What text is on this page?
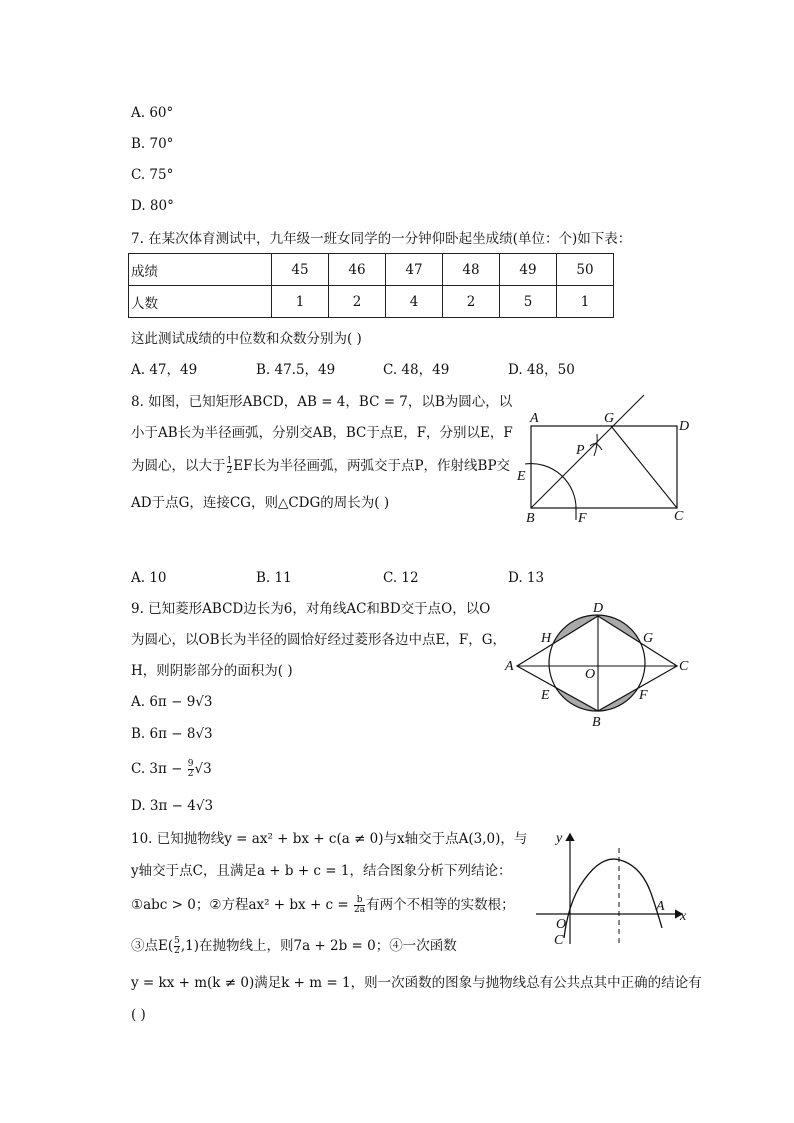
A. 60°
B. 70°
C. 75°
D. 80°
7. 在某次体育测试中，九年级一班女同学的一分钟仰卧起坐成绩(单位：个)如下表：
成绩	45	46	47	48	49	50
人数	1	2	4	2	5	1
这此测试成绩的中位数和众数分别为( )
A. 47，49	B. 47.5，49	C. 48，49	D. 48，50
8. 如图，已知矩形ABCD，AB = 4，BC = 7，以B为圆心，以
小于AB长为半径画弧，分别交AB，BC于点E，F，分别以E，F
为圆心，以大于 $\frac{1}{2}$ EF长为半径画弧，两弧交于点P，作射线BP交
AD于点G，连接CG，则△CDG的周长为( )
A	G
D
P
E
B	F	C
A. 10	B. 11	C. 12	D. 13
9. 已知菱形ABCD边长为6，对角线AC和BD交于点O，以O
为圆心，以OB长为半径的圆恰好经过菱形各边中点E，F，G，
H，则阴影部分的面积为( )
A. 6π − 9√3
B. 6π − 8√3
C. $3\pi - \frac{9}{2} √3$
D. 3π − 4√3
D
H	G
A
O
C
E	F
B
10. 已知抛物线y = ax² + bx + c(a ≠ 0)与x轴交于点A(3,0)，与
y轴交于点C，且满足a + b + c = 1，结合图象分析下列结论：
①abc > 0；②方程ax² + bx + $c = \frac{b}{2a}$ 有两个不相等的实数根；
③点$E( \frac{5}{2} ,1)$在抛物线上，则7a + 2b = 0；④一次函数
y = kx + m(k ≠ 0)满足k + m = 1，则一次函数的图象与抛物线总有公共点其中正确的结论有
( )
y
x
O
C
A
